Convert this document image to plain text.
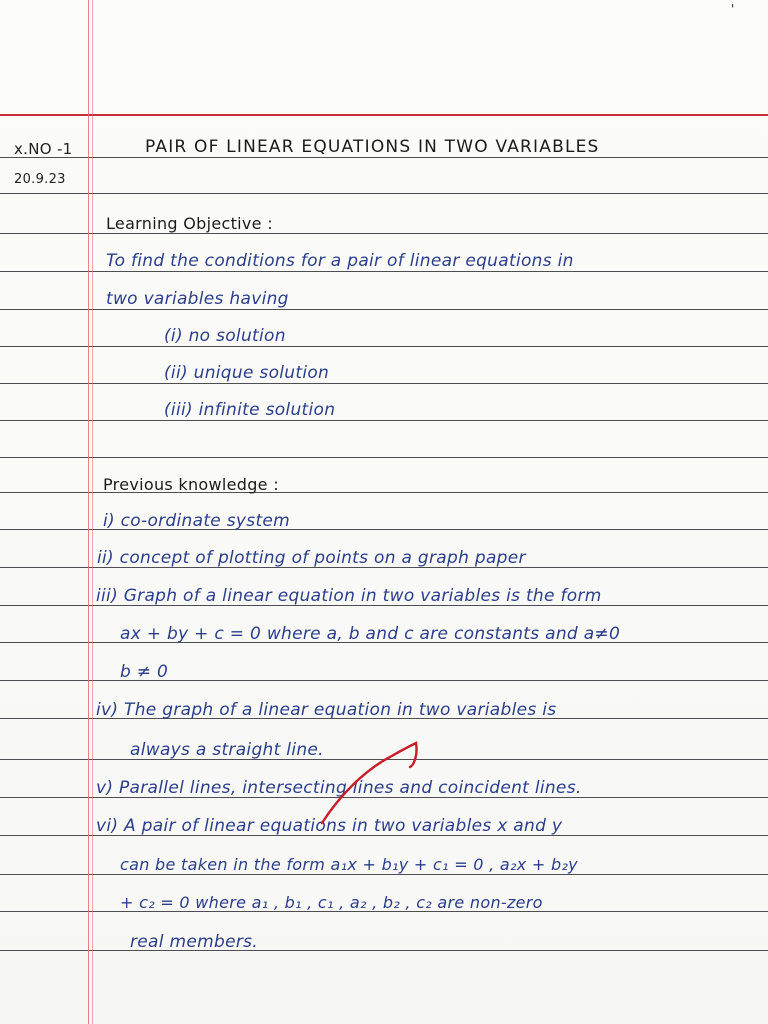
'
x.NO -1
20.9.23
PAIR OF LINEAR EQUATIONS IN TWO VARIABLES
Learning Objective :
To find the conditions for a pair of linear equations in
two variables having
(i) no solution
(ii) unique solution
(iii) infinite solution
Previous knowledge :
i) co-ordinate system
ii) concept of plotting of points on a graph paper
iii) Graph of a linear equation in two variables is the form
ax + by + c = 0 where a, b and c are constants and a≠0
b ≠ 0
iv) The graph of a linear equation in two variables is
always a straight line.
v) Parallel lines, intersecting lines and coincident lines.
vi) A pair of linear equations in two variables x and y
can be taken in the form a₁x + b₁y + c₁ = 0 , a₂x + b₂y
+ c₂ = 0 where a₁ , b₁ , c₁ , a₂ , b₂ , c₂ are non-zero
real members.
